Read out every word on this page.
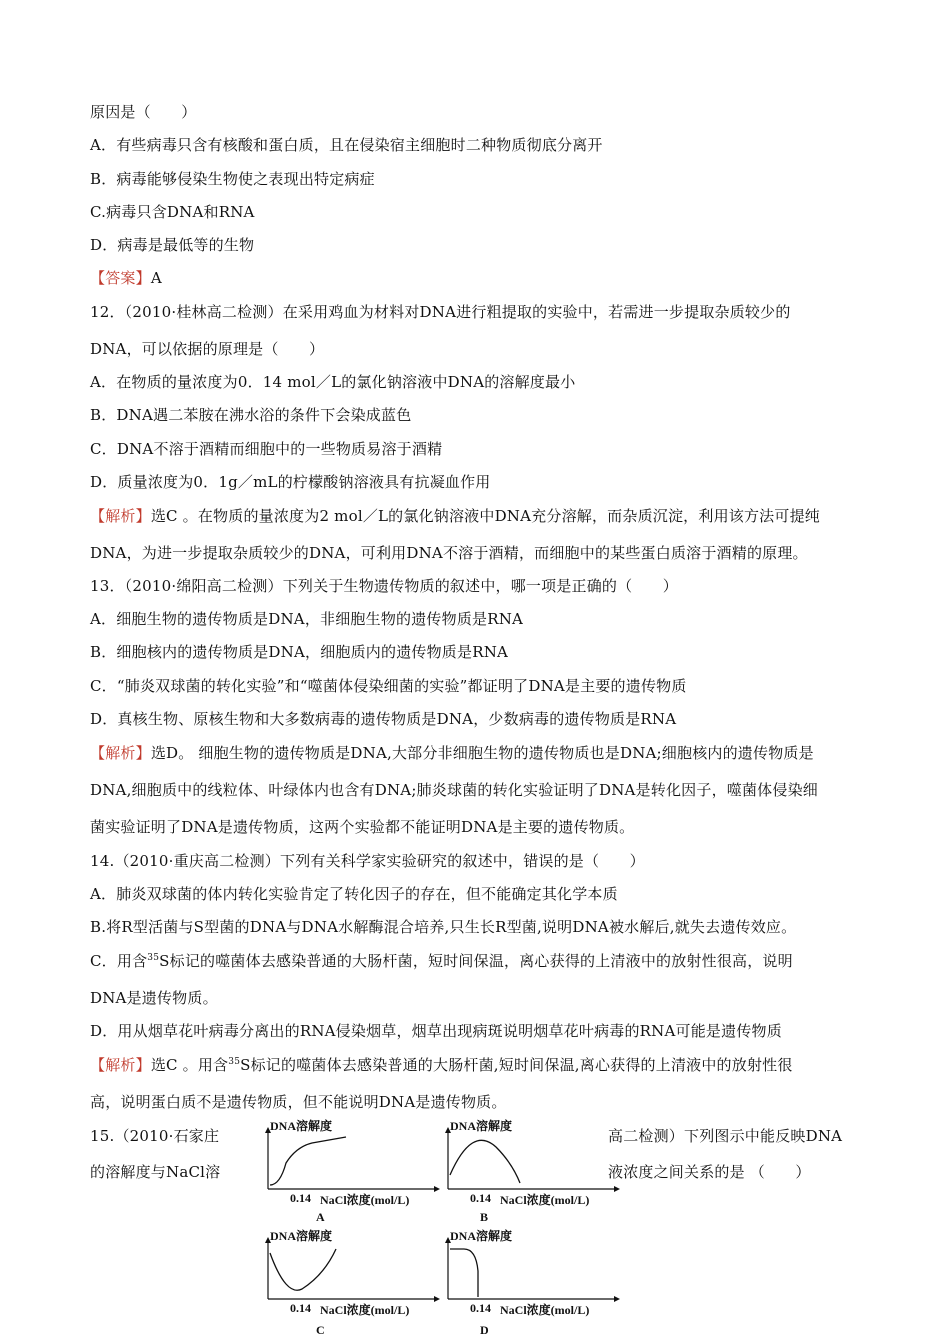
原因是（　　）
A．有些病毒只含有核酸和蛋白质，且在侵染宿主细胞时二种物质彻底分离开
B．病毒能够侵染生物使之表现出特定病症
C.病毒只含DNA和RNA
D．病毒是最低等的生物
【答案】A
12．（2010·桂林高二检测）在采用鸡血为材料对DNA进行粗提取的实验中，若需进一步提取杂质较少的
DNA，可以依据的原理是（　　）
A．在物质的量浓度为0．14 mol／L的氯化钠溶液中DNA的溶解度最小
B．DNA遇二苯胺在沸水浴的条件下会染成蓝色
C．DNA不溶于酒精而细胞中的一些物质易溶于酒精
D．质量浓度为0．1g／mL的柠檬酸钠溶液具有抗凝血作用
【解析】选C 。在物质的量浓度为2 mol／L的氯化钠溶液中DNA充分溶解，而杂质沉淀，利用该方法可提纯
DNA，为进一步提取杂质较少的DNA，可利用DNA不溶于酒精，而细胞中的某些蛋白质溶于酒精的原理。
13．（2010·绵阳高二检测）下列关于生物遗传物质的叙述中，哪一项是正确的（　　）
A．细胞生物的遗传物质是DNA，非细胞生物的遗传物质是RNA
B．细胞核内的遗传物质是DNA，细胞质内的遗传物质是RNA
C．“肺炎双球菌的转化实验”和“噬菌体侵染细菌的实验”都证明了DNA是主要的遗传物质
D．真核生物、原核生物和大多数病毒的遗传物质是DNA，少数病毒的遗传物质是RNA
【解析】选D。 细胞生物的遗传物质是DNA,大部分非细胞生物的遗传物质也是DNA;细胞核内的遗传物质是
DNA,细胞质中的线粒体、叶绿体内也含有DNA;肺炎球菌的转化实验证明了DNA是转化因子，噬菌体侵染细
菌实验证明了DNA是遗传物质，这两个实验都不能证明DNA是主要的遗传物质。
14.（2010·重庆高二检测）下列有关科学家实验研究的叙述中，错误的是（　　）
A．肺炎双球菌的体内转化实验肯定了转化因子的存在，但不能确定其化学本质
B.将R型活菌与S型菌的DNA与DNA水解酶混合培养,只生长R型菌,说明DNA被水解后,就失去遗传效应。
C．用含$^{35}$S标记的噬菌体去感染普通的大肠杆菌，短时间保温，离心获得的上清液中的放射性很高，说明
DNA是遗传物质。
D．用从烟草花叶病毒分离出的RNA侵染烟草，烟草出现病斑说明烟草花叶病毒的RNA可能是遗传物质
【解析】选C 。用含$^{35}$S标记的噬菌体去感染普通的大肠杆菌,短时间保温,离心获得的上清液中的放射性很
高，说明蛋白质不是遗传物质，但不能说明DNA是遗传物质。
15.（2010·石家庄
的溶解度与NaCl溶
高二检测）下列图示中能反映DNA
液浓度之间关系的是 （　　）
DNA溶解度
0.14 NaCl浓度(mol/L)
A
DNA溶解度
0.14 NaCl浓度(mol/L)
B
DNA溶解度
0.14 NaCl浓度(mol/L)
C
DNA溶解度
0.14 NaCl浓度(mol/L)
D
